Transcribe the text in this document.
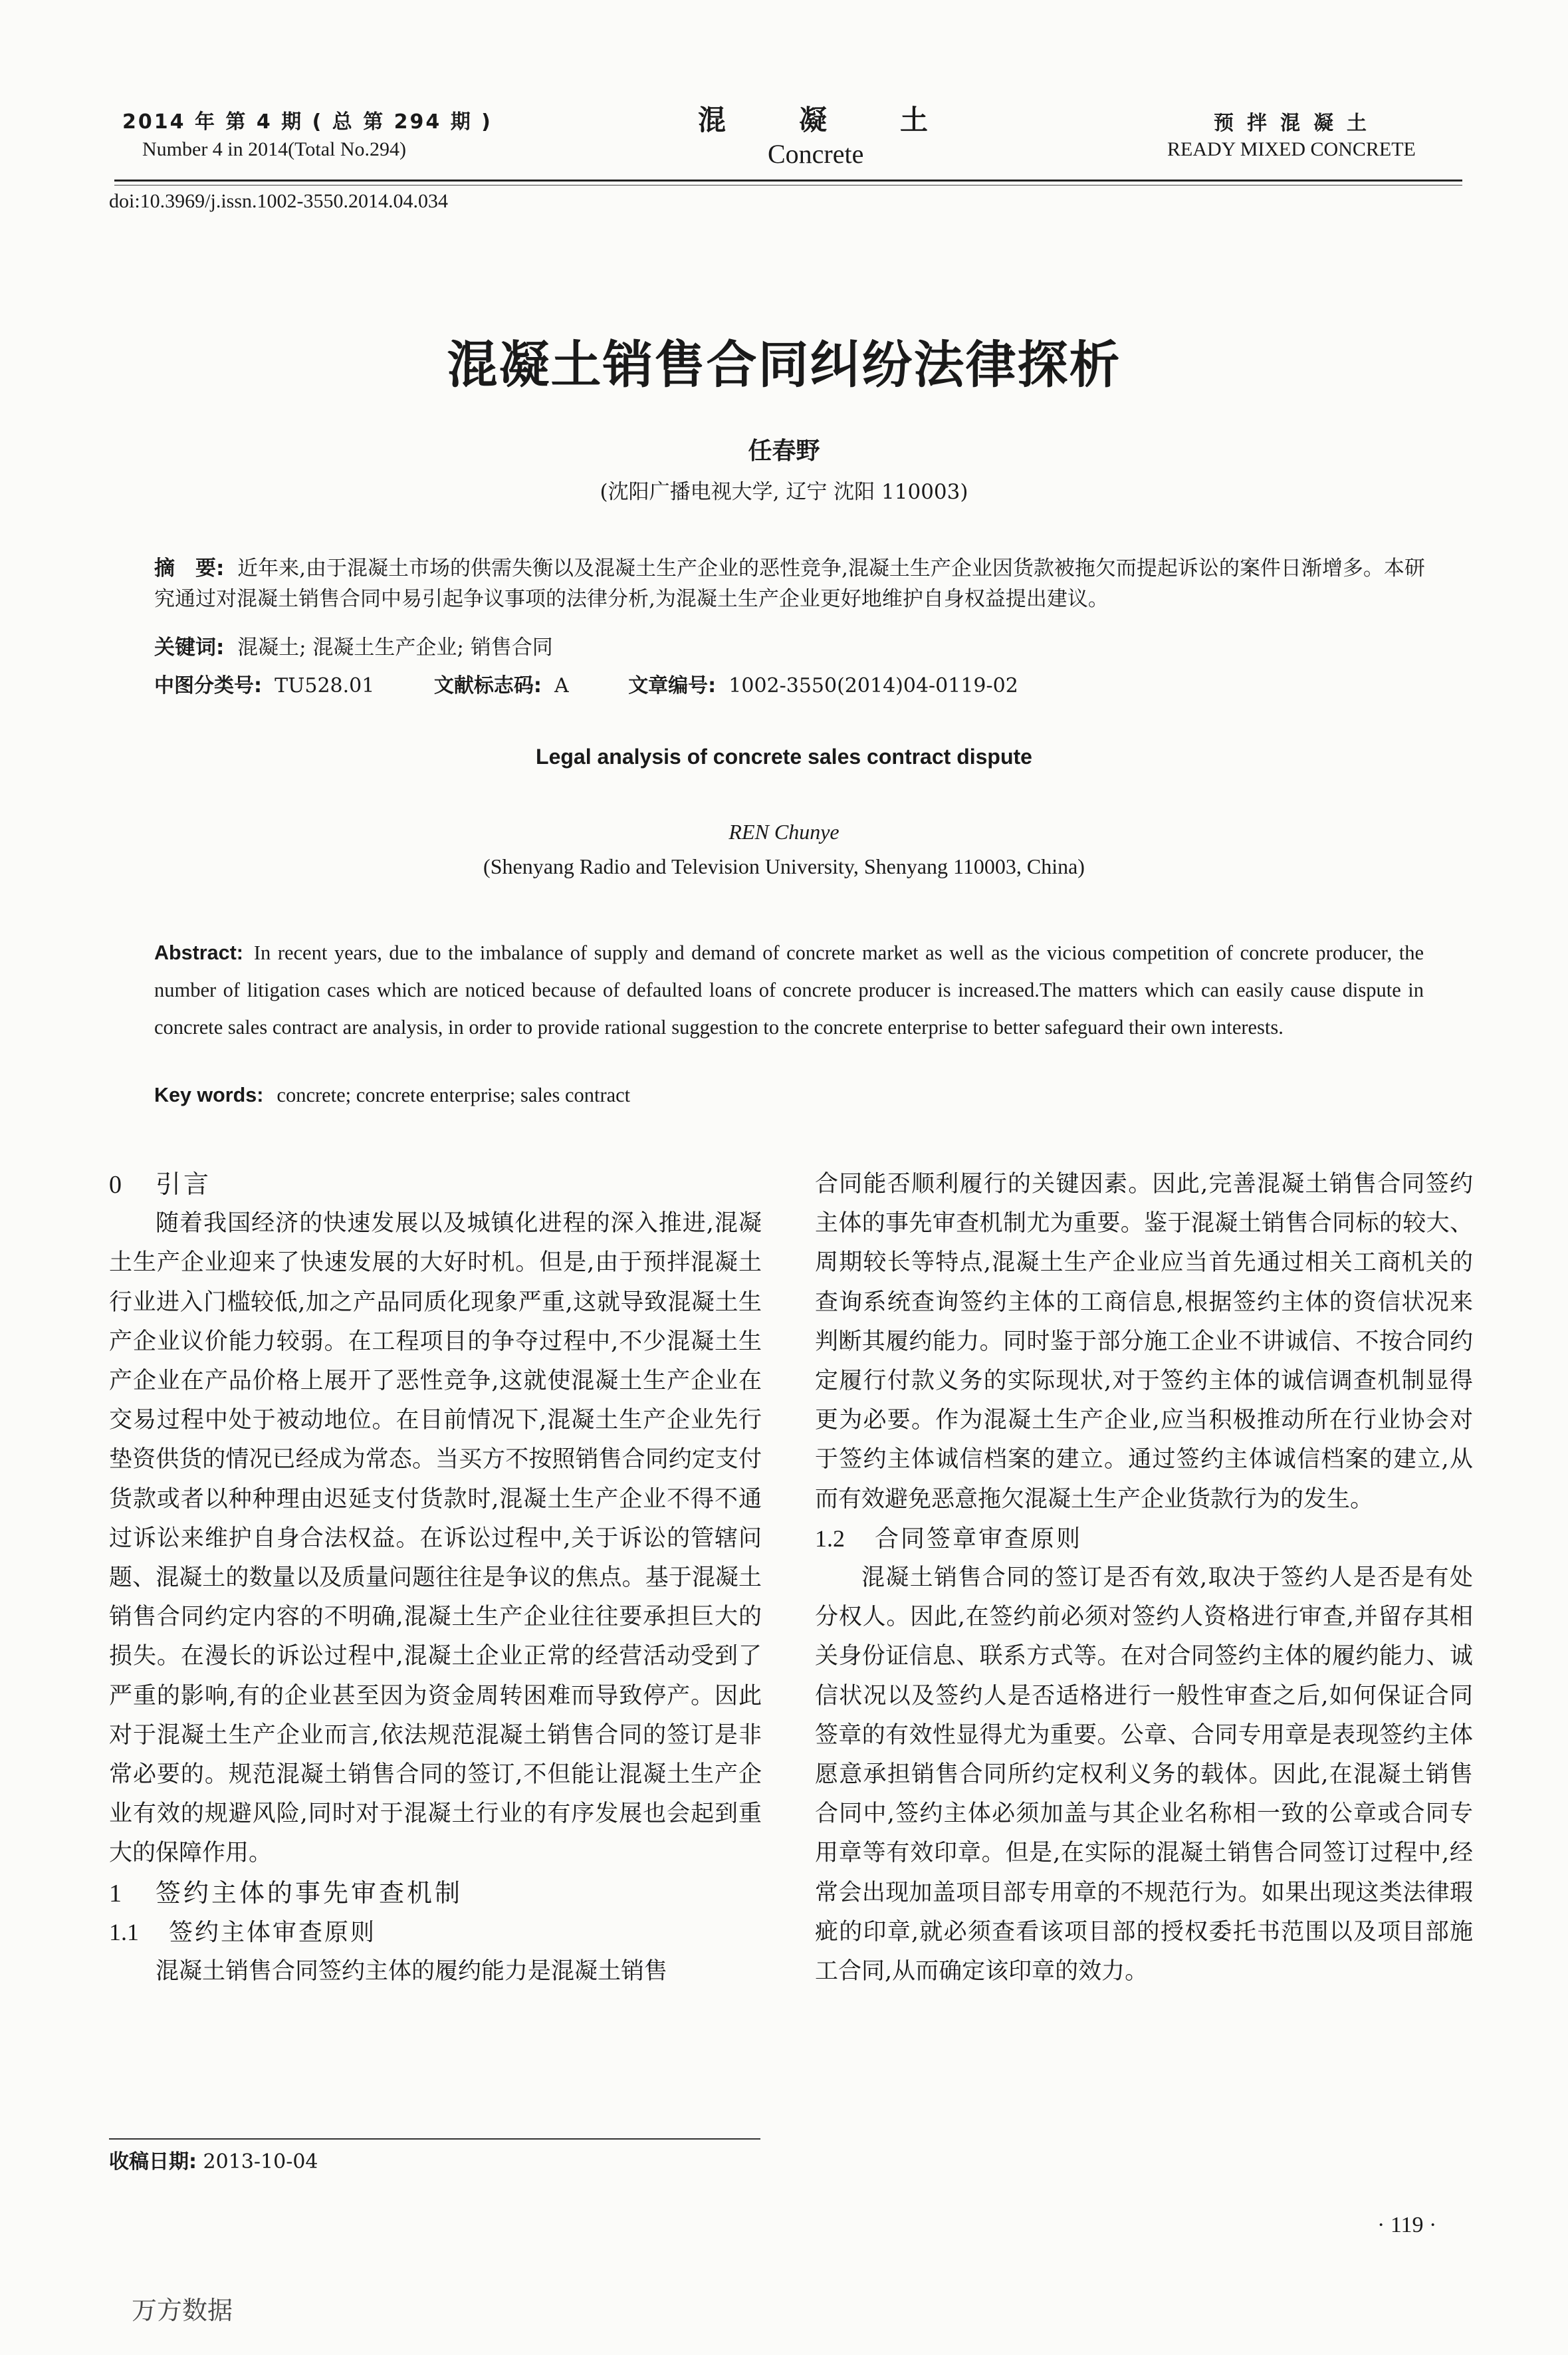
2014 年 第 4 期 ( 总 第 294 期 )
Number 4 in 2014(Total No.294)
混凝土
Concrete
预拌混凝土
READY MIXED CONCRETE
doi:10.3969/j.issn.1002-3550.2014.04.034
混凝土销售合同纠纷法律探析
任春野
(沈阳广播电视大学, 辽宁 沈阳 110003)
摘　要: 近年来,由于混凝土市场的供需失衡以及混凝土生产企业的恶性竞争,混凝土生产企业因货款被拖欠而提起诉讼的案件日渐增多。本研究通过对混凝土销售合同中易引起争议事项的法律分析,为混凝土生产企业更好地维护自身权益提出建议。
关键词: 混凝土; 混凝土生产企业; 销售合同
中图分类号: TU528.01	文献标志码: A	文章编号: 1002-3550(2014)04-0119-02
Legal analysis of concrete sales contract dispute
REN Chunye
(Shenyang Radio and Television University, Shenyang 110003, China)
Abstract: In recent years, due to the imbalance of supply and demand of concrete market as well as the vicious competition of concrete producer, the number of litigation cases which are noticed because of defaulted loans of concrete producer is increased.The matters which can easily cause dispute in concrete sales contract are analysis, in order to provide rational suggestion to the concrete enterprise to better safeguard their own interests.
Key words: concrete; concrete enterprise; sales contract
0 引言

随着我国经济的快速发展以及城镇化进程的深入推进,混凝土生产企业迎来了快速发展的大好时机。但是,由于预拌混凝土行业进入门槛较低,加之产品同质化现象严重,这就导致混凝土生产企业议价能力较弱。在工程项目的争夺过程中,不少混凝土生产企业在产品价格上展开了恶性竞争,这就使混凝土生产企业在交易过程中处于被动地位。在目前情况下,混凝土生产企业先行垫资供货的情况已经成为常态。当买方不按照销售合同约定支付货款或者以种种理由迟延支付货款时,混凝土生产企业不得不通过诉讼来维护自身合法权益。在诉讼过程中,关于诉讼的管辖问题、混凝土的数量以及质量问题往往是争议的焦点。基于混凝土销售合同约定内容的不明确,混凝土生产企业往往要承担巨大的损失。在漫长的诉讼过程中,混凝土企业正常的经营活动受到了严重的影响,有的企业甚至因为资金周转困难而导致停产。因此对于混凝土生产企业而言,依法规范混凝土销售合同的签订是非常必要的。规范混凝土销售合同的签订,不但能让混凝土生产企业有效的规避风险,同时对于混凝土行业的有序发展也会起到重大的保障作用。

1 签约主体的事先审查机制
1.1 签约主体审查原则

混凝土销售合同签约主体的履约能力是混凝土销售

合同能否顺利履行的关键因素。因此,完善混凝土销售合同签约主体的事先审查机制尤为重要。鉴于混凝土销售合同标的较大、周期较长等特点,混凝土生产企业应当首先通过相关工商机关的查询系统查询签约主体的工商信息,根据签约主体的资信状况来判断其履约能力。同时鉴于部分施工企业不讲诚信、不按合同约定履行付款义务的实际现状,对于签约主体的诚信调查机制显得更为必要。作为混凝土生产企业,应当积极推动所在行业协会对于签约主体诚信档案的建立。通过签约主体诚信档案的建立,从而有效避免恶意拖欠混凝土生产企业货款行为的发生。

1.2 合同签章审查原则

混凝土销售合同的签订是否有效,取决于签约人是否是有处分权人。因此,在签约前必须对签约人资格进行审查,并留存其相关身份证信息、联系方式等。在对合同签约主体的履约能力、诚信状况以及签约人是否适格进行一般性审查之后,如何保证合同签章的有效性显得尤为重要。公章、合同专用章是表现签约主体愿意承担销售合同所约定权利义务的载体。因此,在混凝土销售合同中,签约主体必须加盖与其企业名称相一致的公章或合同专用章等有效印章。但是,在实际的混凝土销售合同签订过程中,经常会出现加盖项目部专用章的不规范行为。如果出现这类法律瑕疵的印章,就必须查看该项目部的授权委托书范围以及项目部施工合同,从而确定该印章的效力。

收稿日期: 2013-10-04
· 119 ·
万方数据
